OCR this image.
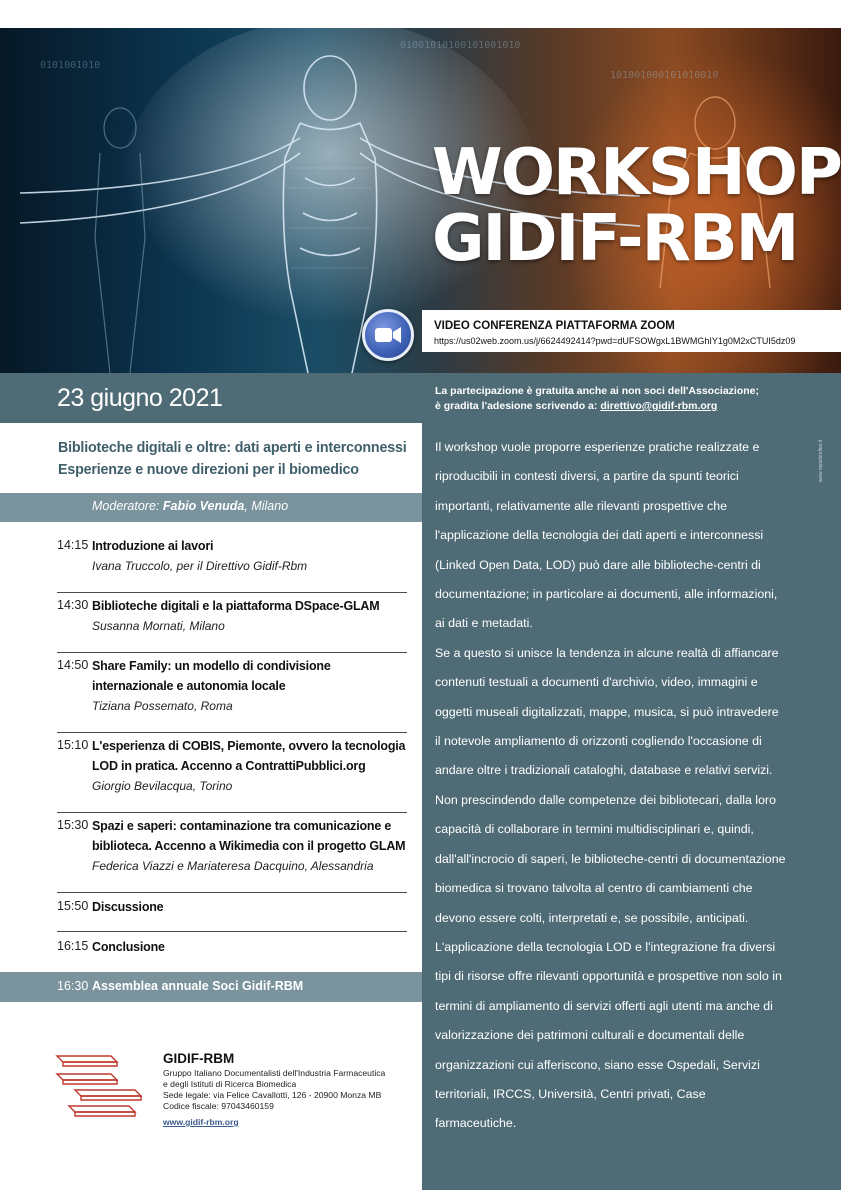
01001010100101001010
101001000101010010
0101001010
WORKSHOP
GIDIF-RBM
VIDEO CONFERENZA PIATTAFORMA ZOOM
https://us02web.zoom.us/j/6624492414?pwd=dUFSOWgxL1BWMGhIY1g0M2xCTUI5dz09
23 giugno 2021	La partecipazione è gratuita anche ai non soci dell'Associazione;
è gradita l'adesione scrivendo a: direttivo@gidif-rbm.org

Il workshop vuole proporre esperienze pratiche realizzate e riproducibili in contesti diversi, a partire da spunti teorici importanti, relativamente alle rilevanti prospettive che l'applicazione della tecnologia dei dati aperti e interconnessi (Linked Open Data, LOD) può dare alle biblioteche-centri di documentazione; in particolare ai documenti, alle informazioni, ai dati e metadati.

Se a questo si unisce la tendenza in alcune realtà di affiancare contenuti testuali a documenti d'archivio, video, immagini e oggetti museali digitalizzati, mappe, musica, si può intravedere il notevole ampliamento di orizzonti cogliendo l'occasione di andare oltre i tradizionali cataloghi, database e relativi servizi.

Non prescindendo dalle competenze dei bibliotecari, dalla loro capacità di collaborare in termini multidisciplinari e, quindi, dall'all'incrocio di saperi, le biblioteche-centri di documentazione biomedica si trovano talvolta al centro di cambiamenti che devono essere colti, interpretati e, se possibile, anticipati.

L'applicazione della tecnologia LOD e l'integrazione fra diversi tipi di risorse offre rilevanti opportunità e prospettive non solo in termini di ampliamento di servizi offerti agli utenti ma anche di valorizzazione dei patrimoni culturali e documentali delle organizzazioni cui afferiscono, siano esse Ospedali, Servizi territoriali, IRCCS, Università, Centri privati, Case farmaceutiche.

www.nepslsrelles.it
Biblioteche digitali e oltre: dati aperti e interconnessi
Esperienze e nuove direzioni per il biomedico
Moderatore: Fabio Venuda, Milano
14:15 Introduzione ai lavori
Ivana Truccolo, per il Direttivo Gidif-Rbm
14:30 Biblioteche digitali e la piattaforma DSpace-GLAM
Susanna Mornati, Milano
14:50 Share Family: un modello di condivisione internazionale e autonomia locale
Tiziana Possemato, Roma
15:10 L'esperienza di COBIS, Piemonte, ovvero la tecnologia LOD in pratica. Accenno a ContrattiPubblici.org
Giorgio Bevilacqua, Torino
15:30 Spazi e saperi: contaminazione tra comunicazione e biblioteca. Accenno a Wikimedia con il progetto GLAM
Federica Viazzi e Mariateresa Dacquino, Alessandria
15:50 Discussione
16:15 Conclusione
16:30 Assemblea annuale Soci Gidif-RBM
GIDIF-RBM
Gruppo Italiano Documentalisti dell'Industria Farmaceutica
e degli Istituti di Ricerca Biomedica
Sede legale: via Felice Cavallotti, 126 - 20900 Monza MB
Codice fiscale: 97043460159
www.gidif-rbm.org
